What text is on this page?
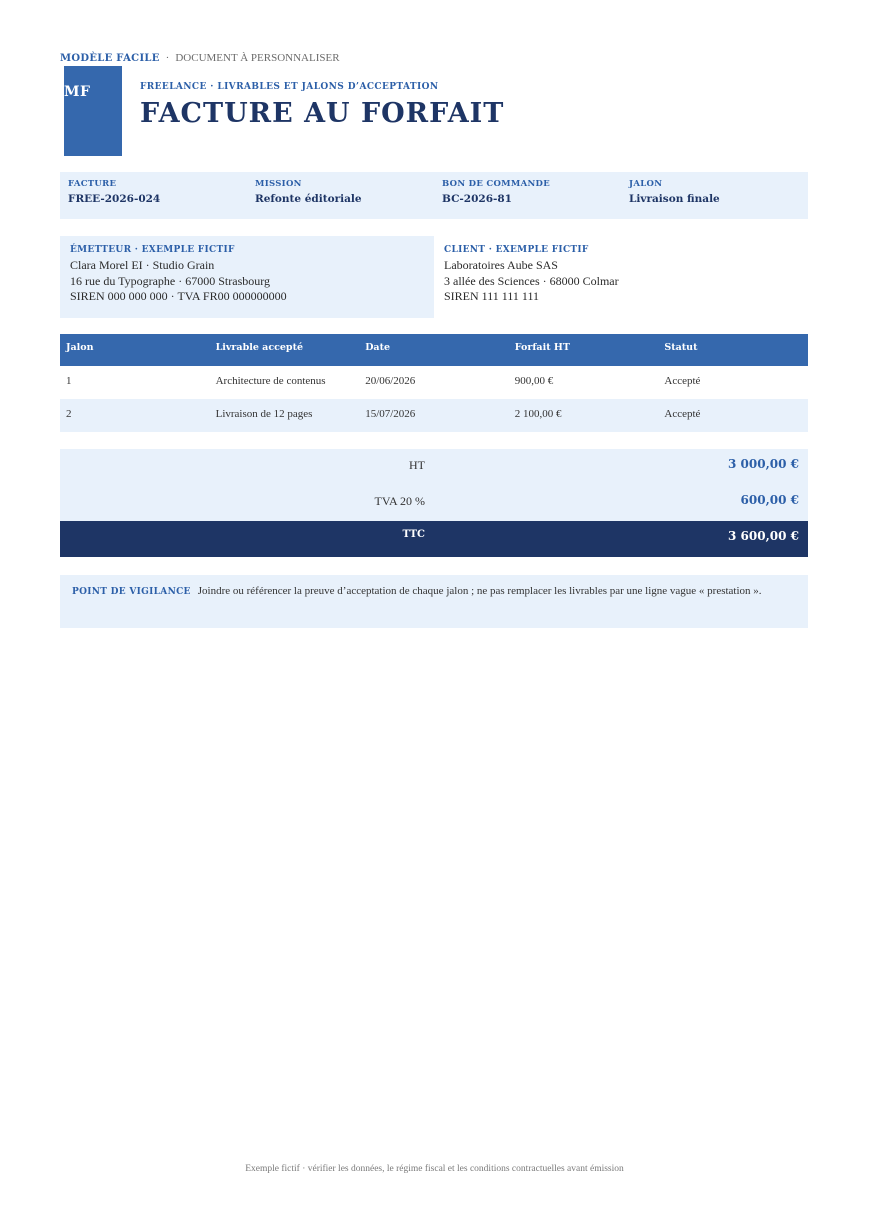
MODÈLE FACILE · DOCUMENT À PERSONNALISER
MF	FREELANCE · LIVRABLES ET JALONS D’ACCEPTATION
FACTURE AU FORFAIT
FACTURE
FREE-2026-024
MISSION
Refonte éditoriale
BON DE COMMANDE
BC-2026-81
JALON
Livraison finale
ÉMETTEUR · EXEMPLE FICTIF
Clara Morel EI · Studio Grain
16 rue du Typographe · 67000 Strasbourg
SIREN 000 000 000 · TVA FR00 000000000
CLIENT · EXEMPLE FICTIF
Laboratoires Aube SAS
3 allée des Sciences · 68000 Colmar
SIREN 111 111 111
Jalon	Livrable accepté	Date	Forfait HT	Statut
1	Architecture de contenus	20/06/2026	900,00 €	Accepté
2	Livraison de 12 pages	15/07/2026	2 100,00 €	Accepté
HT	3 000,00 €
TVA 20 %	600,00 €
TTC	3 600,00 €
POINT DE VIGILANCE Joindre ou référencer la preuve d’acceptation de chaque jalon ; ne pas remplacer les livrables par une ligne vague « prestation ».
Exemple fictif · vérifier les données, le régime fiscal et les conditions contractuelles avant émission
